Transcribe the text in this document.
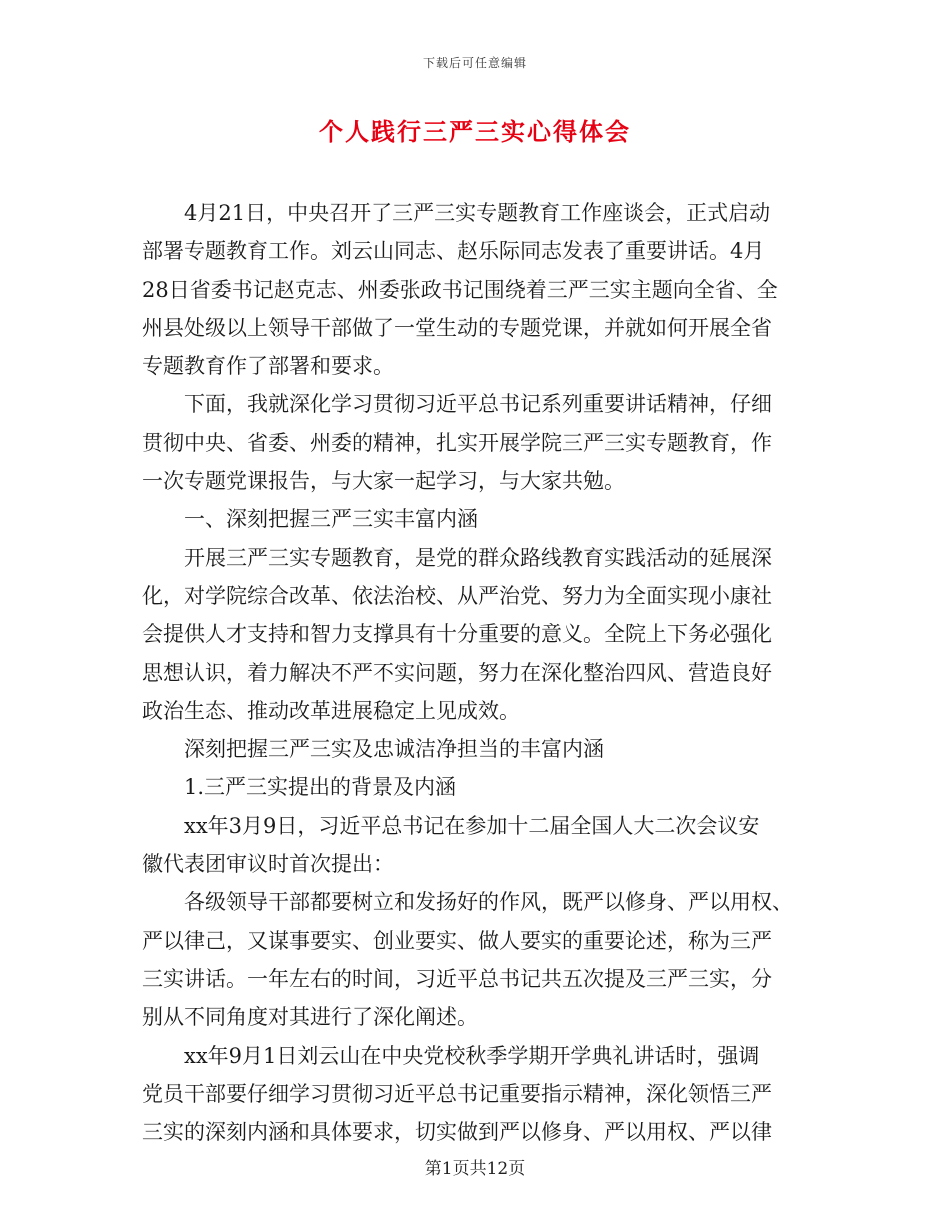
下载后可任意编辑
个人践行三严三实心得体会
4月21日，中央召开了三严三实专题教育工作座谈会，正式启动
部署专题教育工作。刘云山同志、赵乐际同志发表了重要讲话。4月
28日省委书记赵克志、州委张政书记围绕着三严三实主题向全省、全
州县处级以上领导干部做了一堂生动的专题党课，并就如何开展全省
专题教育作了部署和要求。
下面，我就深化学习贯彻习近平总书记系列重要讲话精神，仔细
贯彻中央、省委、州委的精神，扎实开展学院三严三实专题教育，作
一次专题党课报告，与大家一起学习，与大家共勉。
一、深刻把握三严三实丰富内涵
开展三严三实专题教育，是党的群众路线教育实践活动的延展深
化，对学院综合改革、依法治校、从严治党、努力为全面实现小康社
会提供人才支持和智力支撑具有十分重要的意义。全院上下务必强化
思想认识，着力解决不严不实问题，努力在深化整治四风、营造良好
政治生态、推动改革进展稳定上见成效。
深刻把握三严三实及忠诚洁净担当的丰富内涵
1.三严三实提出的背景及内涵
xx年3月9日，习近平总书记在参加十二届全国人大二次会议安
徽代表团审议时首次提出：
各级领导干部都要树立和发扬好的作风，既严以修身、严以用权、
严以律己，又谋事要实、创业要实、做人要实的重要论述，称为三严
三实讲话。一年左右的时间，习近平总书记共五次提及三严三实，分
别从不同角度对其进行了深化阐述。
xx年9月1日刘云山在中央党校秋季学期开学典礼讲话时，强调
党员干部要仔细学习贯彻习近平总书记重要指示精神，深化领悟三严
三实的深刻内涵和具体要求，切实做到严以修身、严以用权、严以律
第1页共12页
